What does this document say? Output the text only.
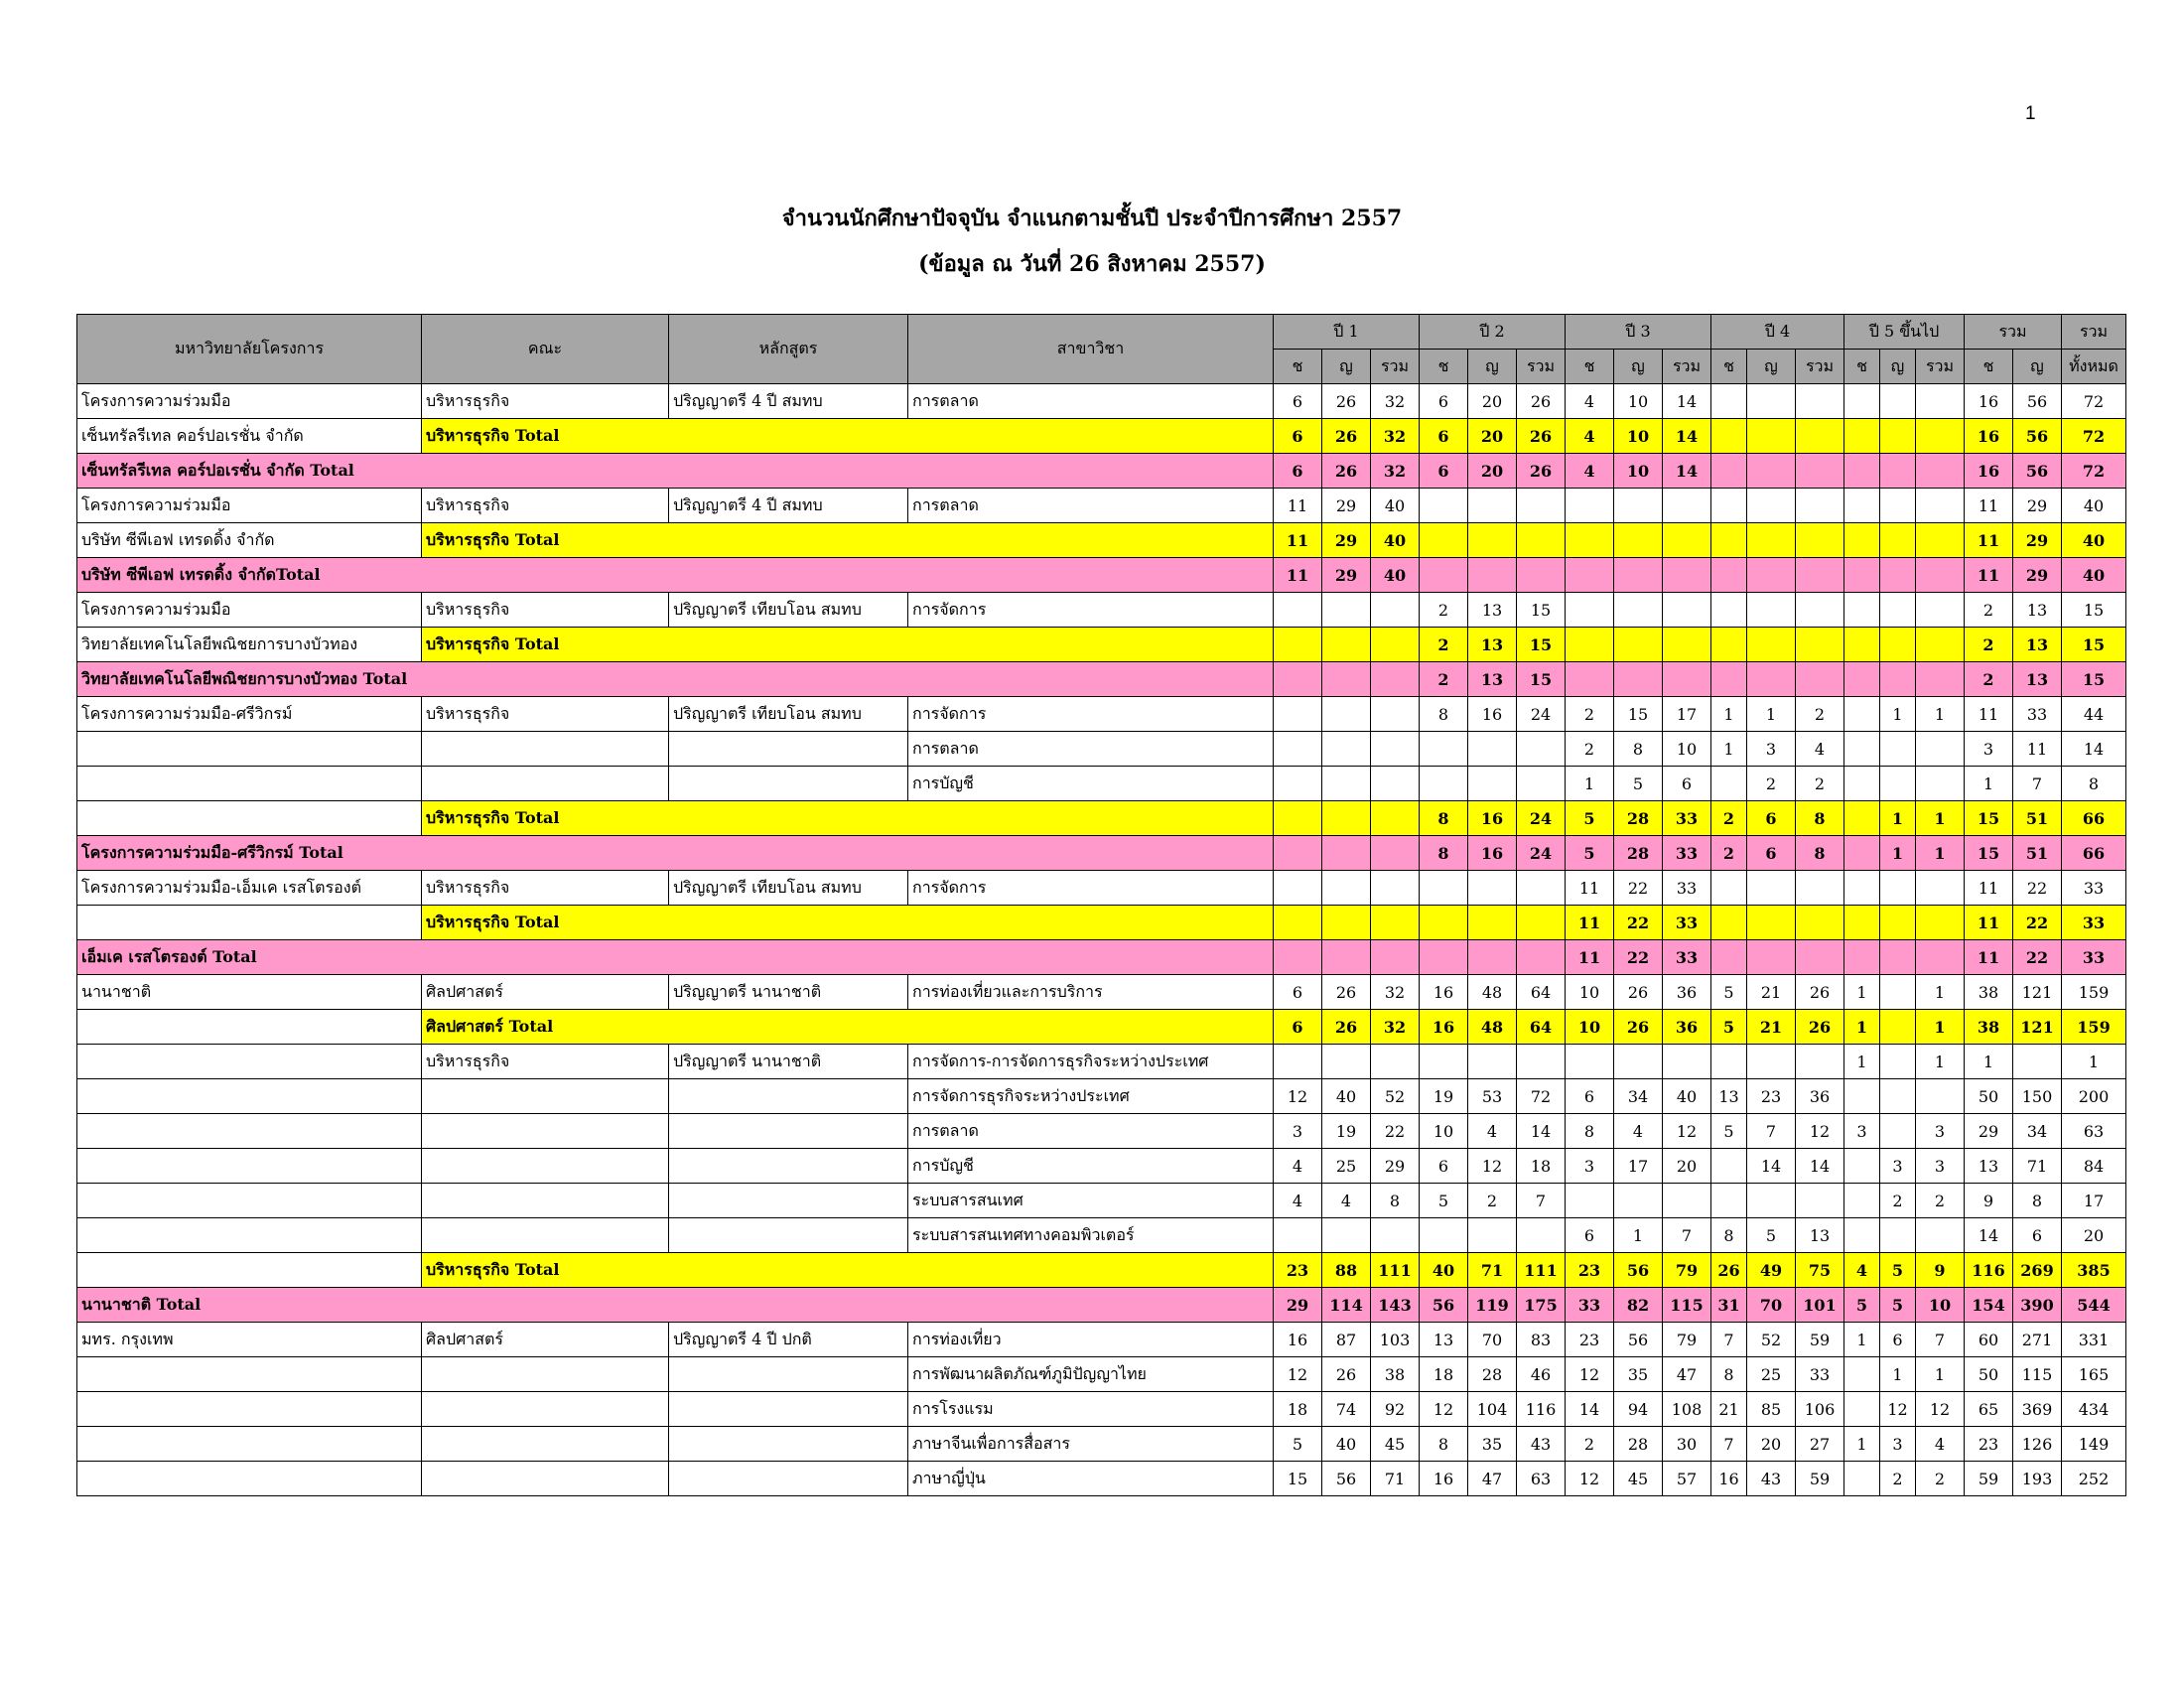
1
จำนวนนักศึกษาปัจจุบัน จำแนกตามชั้นปี ประจำปีการศึกษา 2557
(ข้อมูล ณ วันที่ 26 สิงหาคม 2557)
มหาวิทยาลัยโครงการ	คณะ	หลักสูตร	สาขาวิชา	ปี 1			ปี 2			ปี 3			ปี 4			ปี 5 ขึ้นไป			รวม		รวม
				ช	ญ	รวม	ช	ญ	รวม	ช	ญ	รวม	ช	ญ	รวม	ช	ญ	รวม	ช	ญ	ทั้งหมด
โครงการความร่วมมือ	บริหารธุรกิจ	ปริญญาตรี 4 ปี สมทบ	การตลาด	6	26	32	6	20	26	4	10	14							16	56	72
เซ็นทรัลรีเทล คอร์ปอเรชั่น จำกัด	บริหารธุรกิจ Total			6	26	32	6	20	26	4	10	14							16	56	72
เซ็นทรัลรีเทล คอร์ปอเรชั่น จำกัด Total				6	26	32	6	20	26	4	10	14							16	56	72
โครงการความร่วมมือ	บริหารธุรกิจ	ปริญญาตรี 4 ปี สมทบ	การตลาด	11	29	40													11	29	40
บริษัท ซีพีเอฟ เทรดดิ้ง จำกัด	บริหารธุรกิจ Total			11	29	40													11	29	40
บริษัท ซีพีเอฟ เทรดดิ้ง จำกัดTotal				11	29	40													11	29	40
โครงการความร่วมมือ	บริหารธุรกิจ	ปริญญาตรี เทียบโอน สมทบ	การจัดการ				2	13	15										2	13	15
วิทยาลัยเทคโนโลยีพณิชยการบางบัวทอง	บริหารธุรกิจ Total						2	13	15										2	13	15
วิทยาลัยเทคโนโลยีพณิชยการบางบัวทอง Total							2	13	15										2	13	15
โครงการความร่วมมือ-ศรีวิกรม์	บริหารธุรกิจ	ปริญญาตรี เทียบโอน สมทบ	การจัดการ				8	16	24	2	15	17	1	1	2		1	1	11	33	44
			การตลาด							2	8	10	1	3	4				3	11	14
			การบัญชี							1	5	6		2	2				1	7	8
	บริหารธุรกิจ Total						8	16	24	5	28	33	2	6	8		1	1	15	51	66
โครงการความร่วมมือ-ศรีวิกรม์ Total							8	16	24	5	28	33	2	6	8		1	1	15	51	66
โครงการความร่วมมือ-เอ็มเค เรสโตรองต์	บริหารธุรกิจ	ปริญญาตรี เทียบโอน สมทบ	การจัดการ							11	22	33							11	22	33
	บริหารธุรกิจ Total									11	22	33							11	22	33
เอ็มเค เรสโตรองต์ Total										11	22	33							11	22	33
นานาชาติ	ศิลปศาสตร์	ปริญญาตรี นานาชาติ	การท่องเที่ยวและการบริการ	6	26	32	16	48	64	10	26	36	5	21	26	1		1	38	121	159
	ศิลปศาสตร์ Total			6	26	32	16	48	64	10	26	36	5	21	26	1		1	38	121	159
	บริหารธุรกิจ	ปริญญาตรี นานาชาติ	การจัดการ-การจัดการธุรกิจระหว่างประเทศ													1		1	1		1
			การจัดการธุรกิจระหว่างประเทศ	12	40	52	19	53	72	6	34	40	13	23	36				50	150	200
			การตลาด	3	19	22	10	4	14	8	4	12	5	7	12	3		3	29	34	63
			การบัญชี	4	25	29	6	12	18	3	17	20		14	14		3	3	13	71	84
			ระบบสารสนเทศ	4	4	8	5	2	7								2	2	9	8	17
			ระบบสารสนเทศทางคอมพิวเตอร์							6	1	7	8	5	13				14	6	20
	บริหารธุรกิจ Total			23	88	111	40	71	111	23	56	79	26	49	75	4	5	9	116	269	385
นานาชาติ Total				29	114	143	56	119	175	33	82	115	31	70	101	5	5	10	154	390	544
มทร. กรุงเทพ	ศิลปศาสตร์	ปริญญาตรี 4 ปี ปกติ	การท่องเที่ยว	16	87	103	13	70	83	23	56	79	7	52	59	1	6	7	60	271	331
			การพัฒนาผลิตภัณฑ์ภูมิปัญญาไทย	12	26	38	18	28	46	12	35	47	8	25	33		1	1	50	115	165
			การโรงแรม	18	74	92	12	104	116	14	94	108	21	85	106		12	12	65	369	434
			ภาษาจีนเพื่อการสื่อสาร	5	40	45	8	35	43	2	28	30	7	20	27	1	3	4	23	126	149
			ภาษาญี่ปุ่น	15	56	71	16	47	63	12	45	57	16	43	59		2	2	59	193	252
